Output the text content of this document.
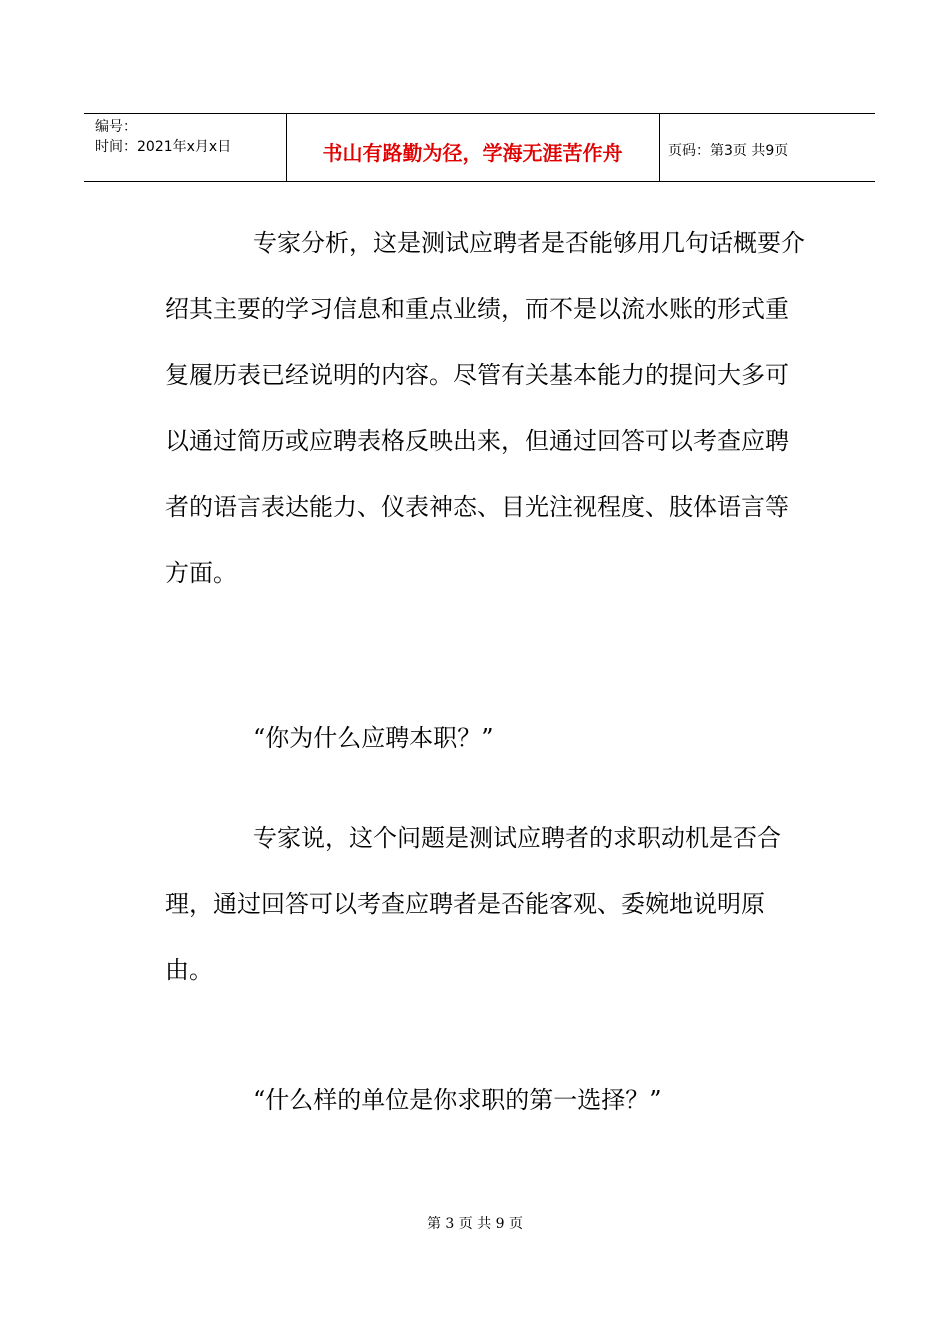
编号：
时间：2021年x月x日	书山有路勤为径，学海无涯苦作舟	页码：第3页 共9页

专家分析，这是测试应聘者是否能够用几句话概要介绍其主要的学习信息和重点业绩，而不是以流水账的形式重复履历表已经说明的内容。尽管有关基本能力的提问大多可以通过简历或应聘表格反映出来，但通过回答可以考查应聘者的语言表达能力、仪表神态、目光注视程度、肢体语言等方面。

“你为什么应聘本职？”

专家说，这个问题是测试应聘者的求职动机是否合理，通过回答可以考查应聘者是否能客观、委婉地说明原由。

“什么样的单位是你求职的第一选择？”

第 3 页 共 9 页
